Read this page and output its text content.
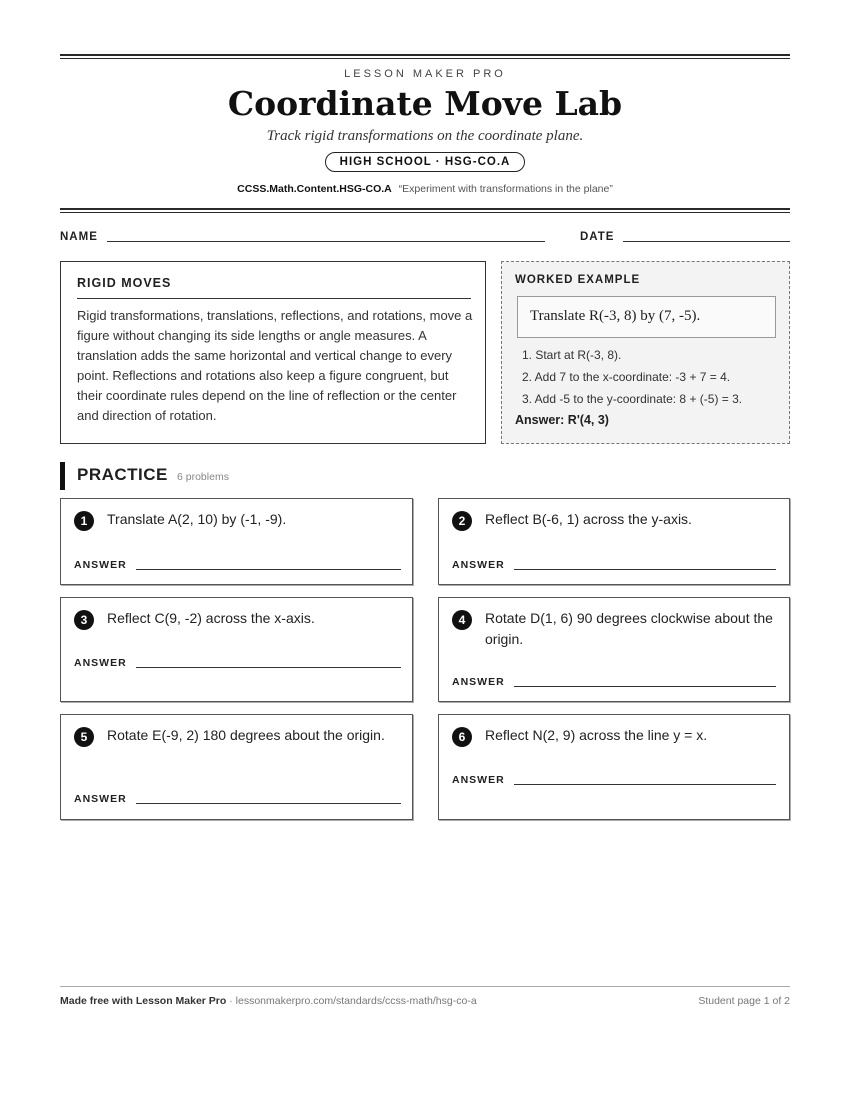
LESSON MAKER PRO
Coordinate Move Lab
Track rigid transformations on the coordinate plane.
HIGH SCHOOL · HSG-CO.A
CCSS.Math.Content.HSG-CO.A “Experiment with transformations in the plane”
NAME	DATE
RIGID MOVES
Rigid transformations, translations, reflections, and rotations, move a figure without changing its side lengths or angle measures. A translation adds the same horizontal and vertical change to every point. Reflections and rotations also keep a figure congruent, but their coordinate rules depend on the line of reflection or the center and direction of rotation.
WORKED EXAMPLE
Translate R(-3, 8) by (7, -5).
1. Start at R(-3, 8).
2. Add 7 to the x-coordinate: -3 + 7 = 4.
3. Add -5 to the y-coordinate: 8 + (-5) = 3.
Answer: R'(4, 3)
PRACTICE 6 problems
1	Translate A(2, 10) by (-1, -9).
ANSWER
2	Reflect B(-6, 1) across the y-axis.
ANSWER
3	Reflect C(9, -2) across the x-axis.
ANSWER
4	Rotate D(1, 6) 90 degrees clockwise about the origin.
ANSWER
5	Rotate E(-9, 2) 180 degrees about the origin.
ANSWER
6	Reflect N(2, 9) across the line y = x.
ANSWER
Made free with Lesson Maker Pro · lessonmakerpro.com/standards/ccss-math/hsg-co-a	Student page 1 of 2
